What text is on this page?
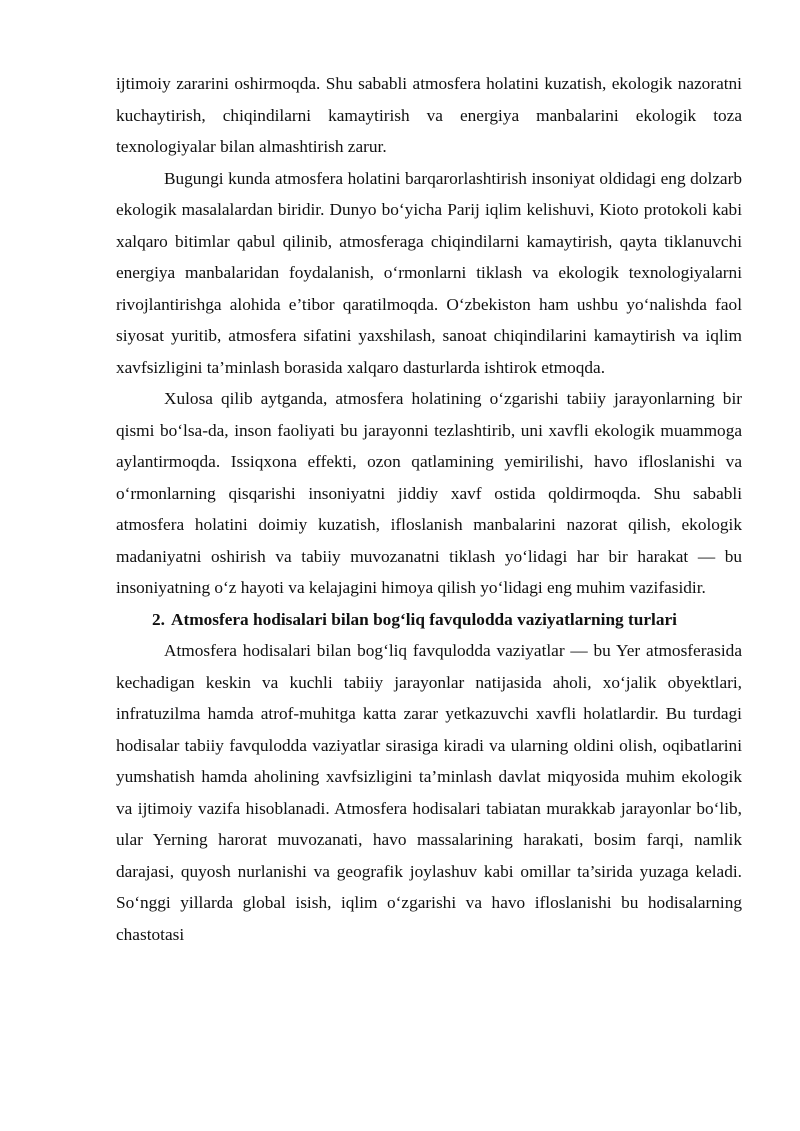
ijtimoiy zararini oshirmoqda. Shu sababli atmosfera holatini kuzatish, ekologik nazoratni kuchaytirish, chiqindilarni kamaytirish va energiya manbalarini ekologik toza texnologiyalar bilan almashtirish zarur.

Bugungi kunda atmosfera holatini barqarorlashtirish insoniyat oldidagi eng dolzarb ekologik masalalardan biridir. Dunyo bo‘yicha Parij iqlim kelishuvi, Kioto protokoli kabi xalqaro bitimlar qabul qilinib, atmosferaga chiqindilarni kamaytirish, qayta tiklanuvchi energiya manbalaridan foydalanish, o‘rmonlarni tiklash va ekologik texnologiyalarni rivojlantirishga alohida e’tibor qaratilmoqda. O‘zbekiston ham ushbu yo‘nalishda faol siyosat yuritib, atmosfera sifatini yaxshilash, sanoat chiqindilarini kamaytirish va iqlim xavfsizligini ta’minlash borasida xalqaro dasturlarda ishtirok etmoqda.

Xulosa qilib aytganda, atmosfera holatining o‘zgarishi tabiiy jarayonlarning bir qismi bo‘lsa-da, inson faoliyati bu jarayonni tezlashtirib, uni xavfli ekologik muammoga aylantirmoqda. Issiqxona effekti, ozon qatlamining yemirilishi, havo ifloslanishi va o‘rmonlarning qisqarishi insoniyatni jiddiy xavf ostida qoldirmoqda. Shu sababli atmosfera holatini doimiy kuzatish, ifloslanish manbalarini nazorat qilish, ekologik madaniyatni oshirish va tabiiy muvozanatni tiklash yo‘lidagi har bir harakat — bu insoniyatning o‘z hayoti va kelajagini himoya qilish yo‘lidagi eng muhim vazifasidir.

2. Atmosfera hodisalari bilan bog‘liq favqulodda vaziyatlarning turlari

Atmosfera hodisalari bilan bog‘liq favqulodda vaziyatlar — bu Yer atmosferasida kechadigan keskin va kuchli tabiiy jarayonlar natijasida aholi, xo‘jalik obyektlari, infratuzilma hamda atrof-muhitga katta zarar yetkazuvchi xavfli holatlardir. Bu turdagi hodisalar tabiiy favqulodda vaziyatlar sirasiga kiradi va ularning oldini olish, oqibatlarini yumshatish hamda aholining xavfsizligini ta’minlash davlat miqyosida muhim ekologik va ijtimoiy vazifa hisoblanadi. Atmosfera hodisalari tabiatan murakkab jarayonlar bo‘lib, ular Yerning harorat muvozanati, havo massalarining harakati, bosim farqi, namlik darajasi, quyosh nurlanishi va geografik joylashuv kabi omillar ta’sirida yuzaga keladi. So‘nggi yillarda global isish, iqlim o‘zgarishi va havo ifloslanishi bu hodisalarning chastotasi
